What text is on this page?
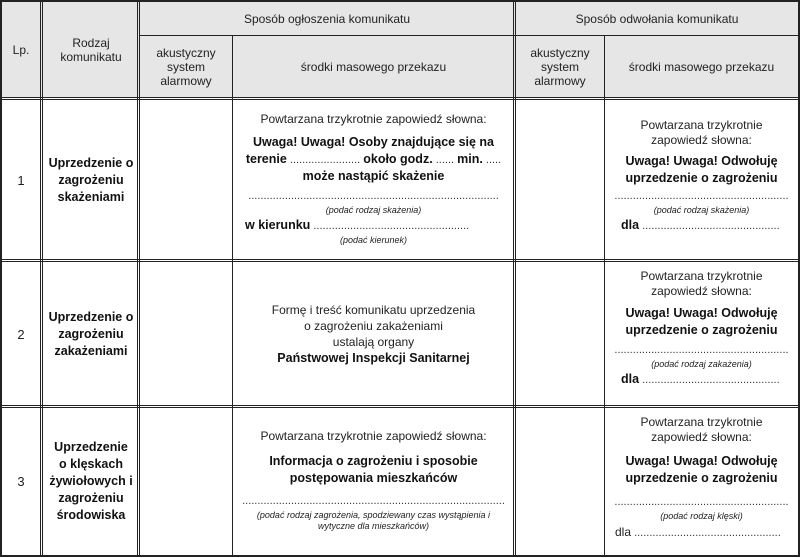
Lp.	Rodzaj komunikatu
Sposób ogłoszenia komunikatu	Sposób odwołania komunikatu
akustyczny system alarmowy
środki masowego przekazu
akustyczny system alarmowy
środki masowego przekazu
1
Uprzedzenie o zagrożeniu skażeniami
Powtarzana trzykrotnie zapowiedź słowna:
Uwaga! Uwaga! Osoby znajdujące się na
terenie ....................... około godz. ...... min. .....
może nastąpić skażenie
..................................................................................
(podać rodzaj skażenia)
w kierunku ...................................................
(podać kierunek)
Powtarzana trzykrotnie zapowiedź słowna:
Uwaga! Uwaga! Odwołuję uprzedzenie o zagrożeniu
.........................................................
(podać rodzaj skażenia)
dla .............................................
2
Uprzedzenie o zagrożeniu zakażeniami
Formę i treść komunikatu uprzedzenia
o zagrożeniu zakażeniami
ustalają organy
Państwowej Inspekcji Sanitarnej
Powtarzana trzykrotnie zapowiedź słowna:
Uwaga! Uwaga! Odwołuję uprzedzenie o zagrożeniu
.........................................................
(podać rodzaj zakażenia)
dla .............................................
3
Uprzedzenie o klęskach żywiołowych i zagrożeniu środowiska
Powtarzana trzykrotnie zapowiedź słowna:
Informacja o zagrożeniu i sposobie postępowania mieszkańców
......................................................................................
(podać rodzaj zagrożenia, spodziewany czas wystąpienia i wytyczne dla mieszkańców)
Powtarzana trzykrotnie zapowiedź słowna:
Uwaga! Uwaga! Odwołuję uprzedzenie o zagrożeniu
.........................................................
(podać rodzaj klęski)
dla ................................................
